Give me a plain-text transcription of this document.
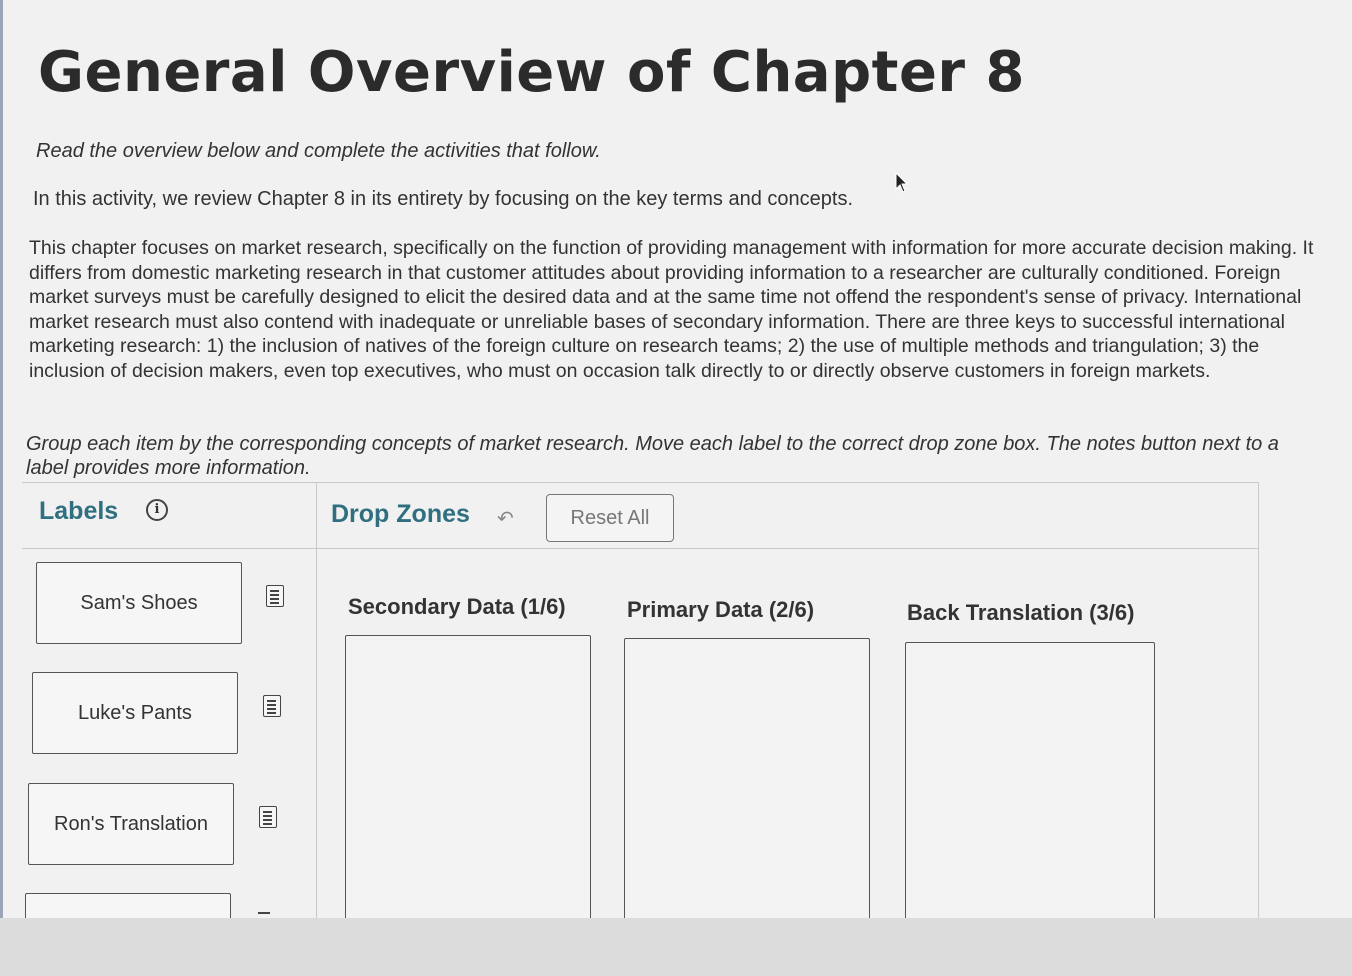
General Overview of Chapter 8
Read the overview below and complete the activities that follow.
In this activity, we review Chapter 8 in its entirety by focusing on the key terms and concepts.

This chapter focuses on market research, specifically on the function of providing management with information for more accurate decision making. It differs from domestic marketing research in that customer attitudes about providing information to a researcher are culturally conditioned. Foreign market surveys must be carefully designed to elicit the desired data and at the same time not offend the respondent's sense of privacy. International market research must also contend with inadequate or unreliable bases of secondary information. There are three keys to successful international marketing research: 1) the inclusion of natives of the foreign culture on research teams; 2) the use of multiple methods and triangulation; 3) the inclusion of decision makers, even top executives, who must on occasion talk directly to or directly observe customers in foreign markets.

Group each item by the corresponding concepts of market research. Move each label to the correct drop zone box. The notes button next to a label provides more information.

Labels	i	Drop Zones ↶	Reset All
Sam's Shoes
Luke's Pants
Ron's Translation
Secondary Data (1/6)	Primary Data (2/6)	Back Translation (3/6)
